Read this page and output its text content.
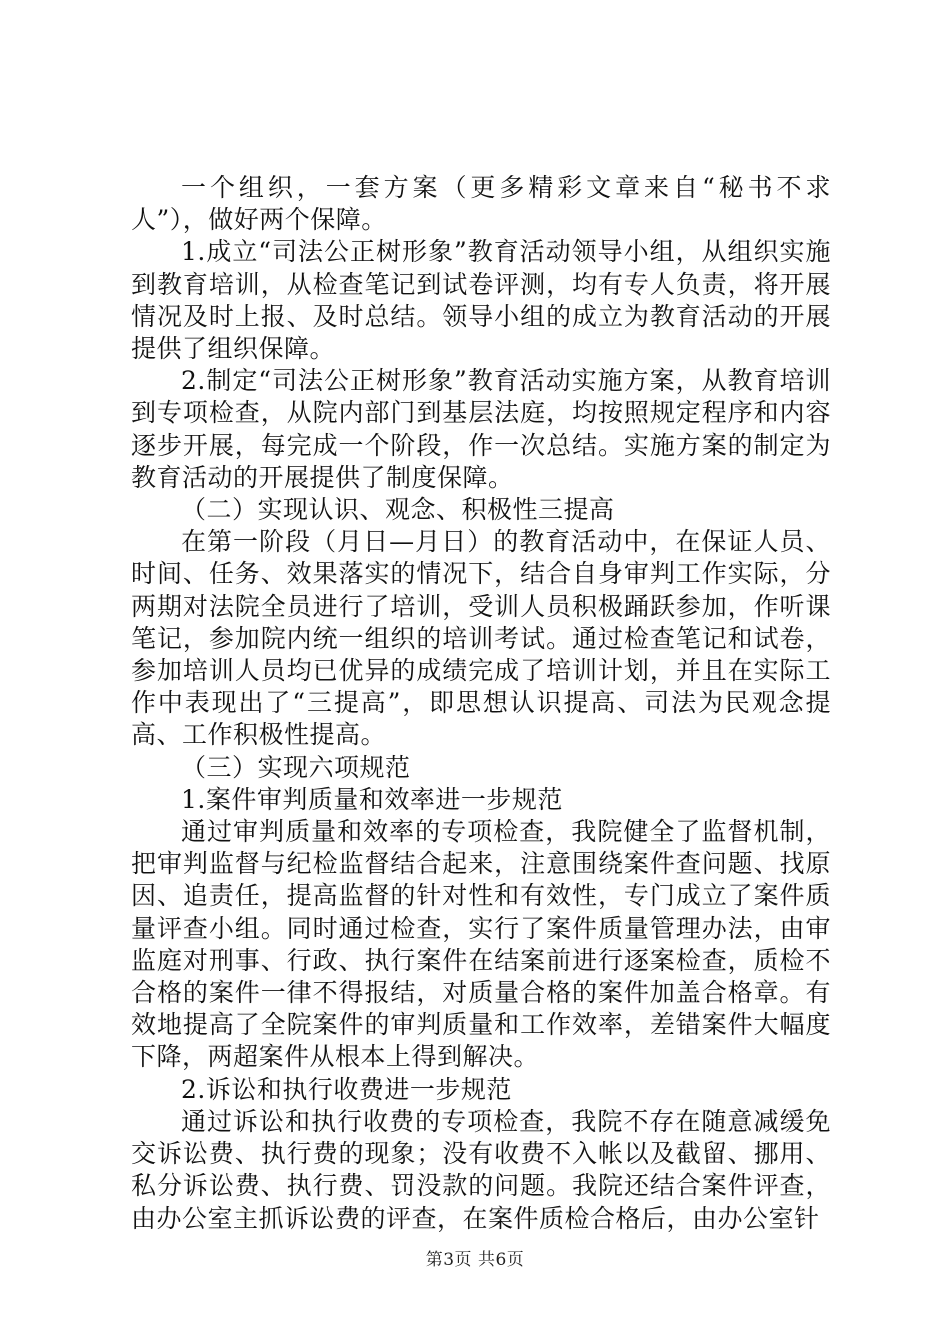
一个组织，一套方案（更多精彩文章来自“秘书不求人”），做好两个保障。

1.成立“司法公正树形象”教育活动领导小组，从组织实施到教育培训，从检查笔记到试卷评测，均有专人负责，将开展情况及时上报、及时总结。领导小组的成立为教育活动的开展提供了组织保障。

2.制定“司法公正树形象”教育活动实施方案，从教育培训到专项检查，从院内部门到基层法庭，均按照规定程序和内容逐步开展，每完成一个阶段，作一次总结。实施方案的制定为教育活动的开展提供了制度保障。

（二）实现认识、观念、积极性三提高

在第一阶段（月日—月日）的教育活动中，在保证人员、时间、任务、效果落实的情况下，结合自身审判工作实际，分两期对法院全员进行了培训，受训人员积极踊跃参加，作听课笔记，参加院内统一组织的培训考试。通过检查笔记和试卷，参加培训人员均已优异的成绩完成了培训计划，并且在实际工作中表现出了“三提高”，即思想认识提高、司法为民观念提高、工作积极性提高。

（三）实现六项规范

1.案件审判质量和效率进一步规范

通过审判质量和效率的专项检查，我院健全了监督机制，把审判监督与纪检监督结合起来，注意围绕案件查问题、找原因、追责任，提高监督的针对性和有效性，专门成立了案件质量评查小组。同时通过检查，实行了案件质量管理办法，由审监庭对刑事、行政、执行案件在结案前进行逐案检查，质检不合格的案件一律不得报结，对质量合格的案件加盖合格章。有效地提高了全院案件的审判质量和工作效率，差错案件大幅度下降，两超案件从根本上得到解决。

2.诉讼和执行收费进一步规范

通过诉讼和执行收费的专项检查，我院不存在随意减缓免交诉讼费、执行费的现象；没有收费不入帐以及截留、挪用、私分诉讼费、执行费、罚没款的问题。我院还结合案件评查，由办公室主抓诉讼费的评查，在案件质检合格后，由办公室针

第3页 共6页
